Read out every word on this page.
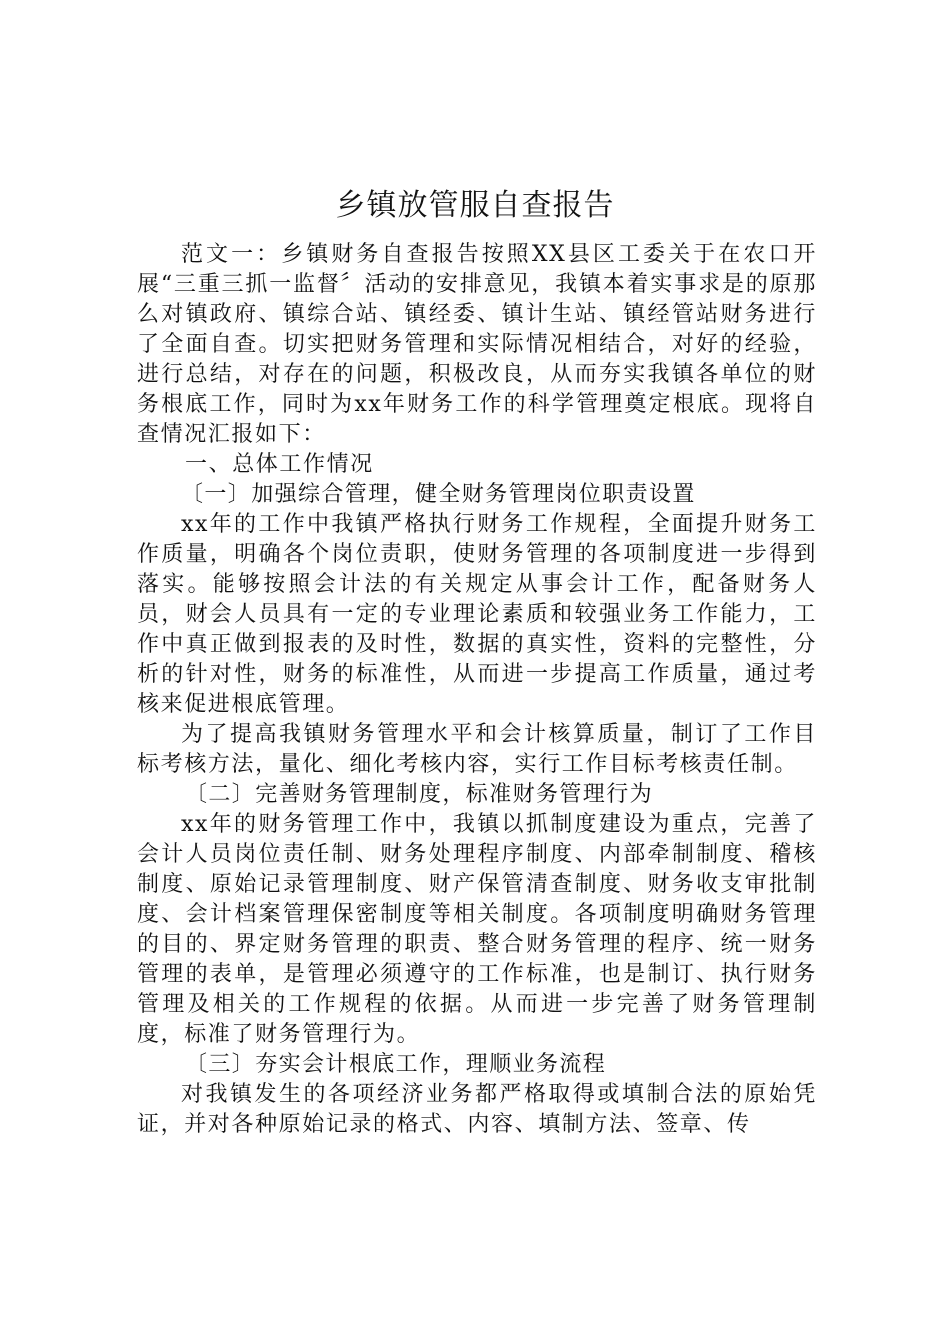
乡镇放管服自查报告

范文一：乡镇财务自查报告按照XX县区工委关于在农口开展“三重三抓一监督〞活动的安排意见，我镇本着实事求是的原那么对镇政府、镇综合站、镇经委、镇计生站、镇经管站财务进行了全面自查。切实把财务管理和实际情况相结合，对好的经验，进行总结，对存在的问题，积极改良，从而夯实我镇各单位的财务根底工作，同时为xx年财务工作的科学管理奠定根底。现将自查情况汇报如下：

一、总体工作情况

〔一〕加强综合管理，健全财务管理岗位职责设置

xx年的工作中我镇严格执行财务工作规程，全面提升财务工作质量，明确各个岗位责职，使财务管理的各项制度进一步得到落实。能够按照会计法的有关规定从事会计工作，配备财务人员，财会人员具有一定的专业理论素质和较强业务工作能力，工作中真正做到报表的及时性，数据的真实性，资料的完整性，分析的针对性，财务的标准性，从而进一步提高工作质量，通过考核来促进根底管理。

为了提高我镇财务管理水平和会计核算质量，制订了工作目标考核方法，量化、细化考核内容，实行工作目标考核责任制。

〔二〕完善财务管理制度，标准财务管理行为

xx年的财务管理工作中，我镇以抓制度建设为重点，完善了会计人员岗位责任制、财务处理程序制度、内部牵制制度、稽核制度、原始记录管理制度、财产保管清查制度、财务收支审批制度、会计档案管理保密制度等相关制度。各项制度明确财务管理的目的、界定财务管理的职责、整合财务管理的程序、统一财务管理的表单，是管理必须遵守的工作标准，也是制订、执行财务管理及相关的工作规程的依据。从而进一步完善了财务管理制度，标准了财务管理行为。

〔三〕夯实会计根底工作，理顺业务流程

对我镇发生的各项经济业务都严格取得或填制合法的原始凭证，并对各种原始记录的格式、内容、填制方法、签章、传
